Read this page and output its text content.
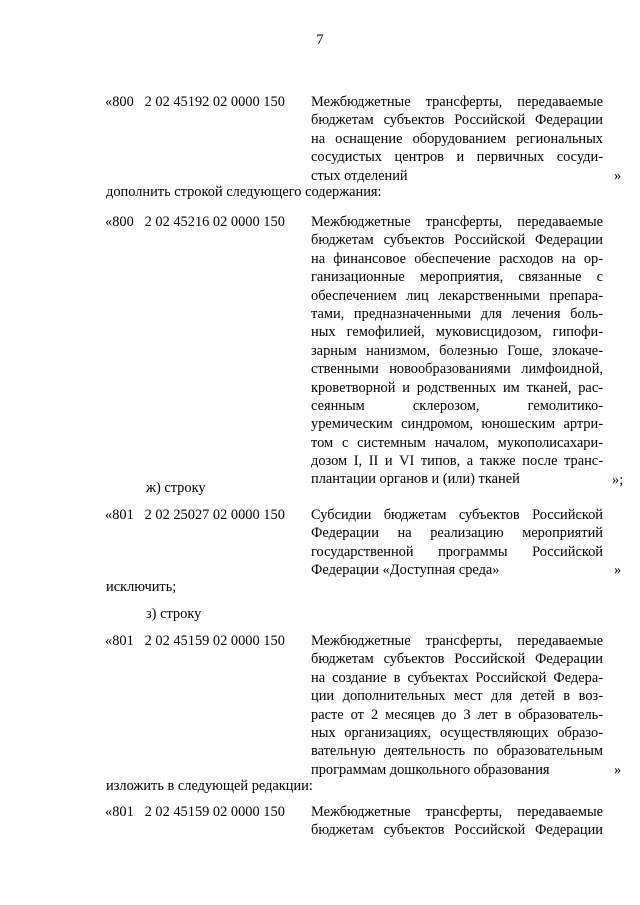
7
«800   2 02 45192 02 0000 150 Межбюджетные трансферты, передаваемые
бюджетам субъектов Российской Федерации
на оснащение оборудованием региональных
сосудистых центров и первичных сосуди-
стых отделений	»
дополнить строкой следующего содержания:
«800   2 02 45216 02 0000 150 Межбюджетные трансферты, передаваемые
бюджетам субъектов Российской Федерации
на финансовое обеспечение расходов на ор-
ганизационные мероприятия, связанные с
обеспечением лиц лекарственными препара-
тами, предназначенными для лечения боль-
ных гемофилией, муковисцидозом, гипофи-
зарным нанизмом, болезнью Гоше, злокаче-
ственными новообразованиями лимфоидной,
кроветворной и родственных им тканей, рас-
сеянным склерозом, гемолитико-
уремическим синдромом, юношеским артри-
том с системным началом, мукополисахари-
дозом I, II и VI типов, а также после транс-
плантации органов и (или) тканей	»;
ж) строку
«801   2 02 25027 02 0000 150 Субсидии бюджетам субъектов Российской
Федерации на реализацию мероприятий
государственной программы Российской
Федерации «Доступная среда»	»
исключить;
з) строку
«801   2 02 45159 02 0000 150 Межбюджетные трансферты, передаваемые
бюджетам субъектов Российской Федерации
на создание в субъектах Российской Федера-
ции дополнительных мест для детей в воз-
расте от 2 месяцев до 3 лет в образователь-
ных организациях, осуществляющих образо-
вательную деятельность по образовательным
программам дошкольного образования	»
изложить в следующей редакции:
«801   2 02 45159 02 0000 150 Межбюджетные трансферты, передаваемые
бюджетам субъектов Российской Федерации
